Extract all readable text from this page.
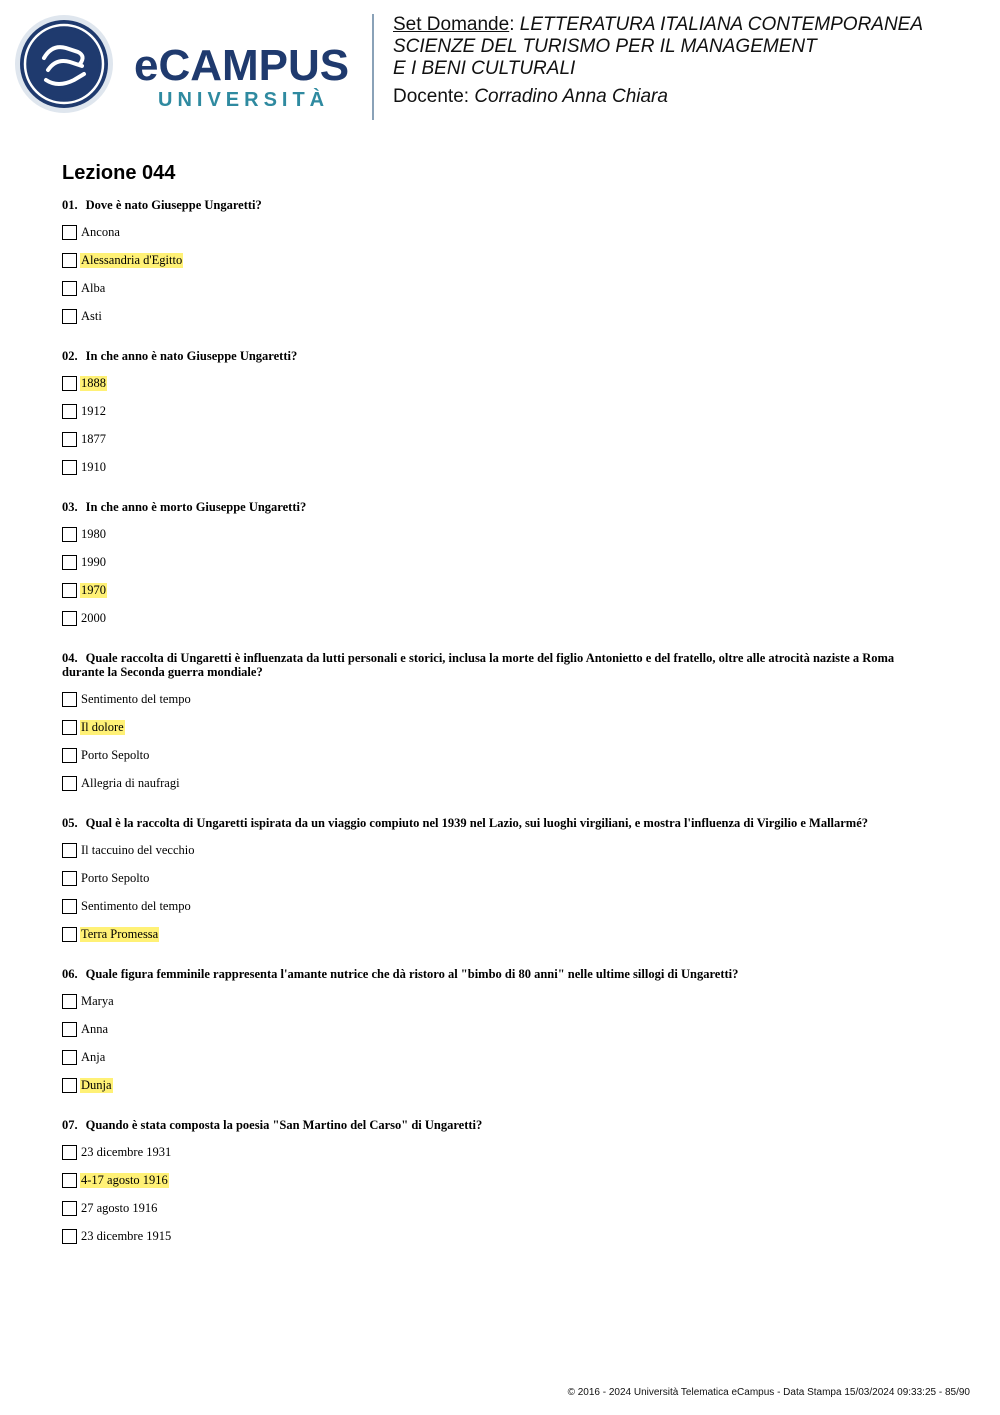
eCAMPUS
UNIVERSITÀ
Set Domande: LETTERATURA ITALIANA CONTEMPORANEA
SCIENZE DEL TURISMO PER IL MANAGEMENT
E I BENI CULTURALI
Docente: Corradino Anna Chiara
Lezione 044
01. Dove è nato Giuseppe Ungaretti?
Ancona
Alessandria d'Egitto
Alba
Asti
02. In che anno è nato Giuseppe Ungaretti?
1888
1912
1877
1910
03. In che anno è morto Giuseppe Ungaretti?
1980
1990
1970
2000
04. Quale raccolta di Ungaretti è influenzata da lutti personali e storici, inclusa la morte del figlio Antonietto e del fratello, oltre alle atrocità naziste a Roma durante la Seconda guerra mondiale?
Sentimento del tempo
Il dolore
Porto Sepolto
Allegria di naufragi
05. Qual è la raccolta di Ungaretti ispirata da un viaggio compiuto nel 1939 nel Lazio, sui luoghi virgiliani, e mostra l'influenza di Virgilio e Mallarmé?
Il taccuino del vecchio
Porto Sepolto
Sentimento del tempo
Terra Promessa
06. Quale figura femminile rappresenta l'amante nutrice che dà ristoro al "bimbo di 80 anni" nelle ultime sillogi di Ungaretti?
Marya
Anna
Anja
Dunja
07. Quando è stata composta la poesia "San Martino del Carso" di Ungaretti?
23 dicembre 1931
4-17 agosto 1916
27 agosto 1916
23 dicembre 1915
© 2016 - 2024 Università Telematica eCampus - Data Stampa 15/03/2024 09:33:25 - 85/90
